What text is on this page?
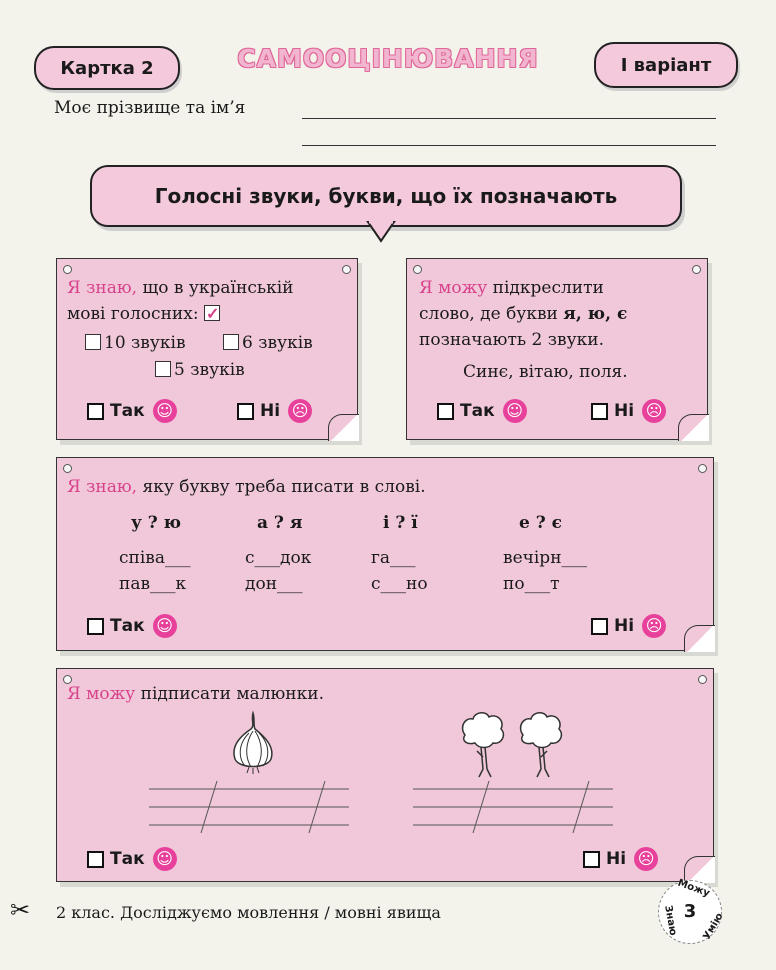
Картка 2	САМООЦІНЮВАННЯ	І варіант
Моє прізвище та ім’я
Голосні звуки, букви, що їх позначають
Я знаю, що в українській
мові голосних: ✓
10 звуків	6 звуків
5 звуків
Так ☺	Ні ☹
Я можу підкреслити
слово, де букви я, ю, є
позначають 2 звуки.
Синє, вітаю, поля.
Так ☺	Ні ☹
Я знаю, яку букву треба писати в слові.
у ? ю	а ? я	і ? ї	е ? є
співа___	с___док	га___	вечірн___
пав___к	дон___	с___но	по___т
Так ☺	Ні ☹
Я можу підписати малюнки.
Так ☺	Ні ☹
✂ 2 клас. Досліджуємо мовлення / мовні явища
Можу
Умію
Знаю 3
